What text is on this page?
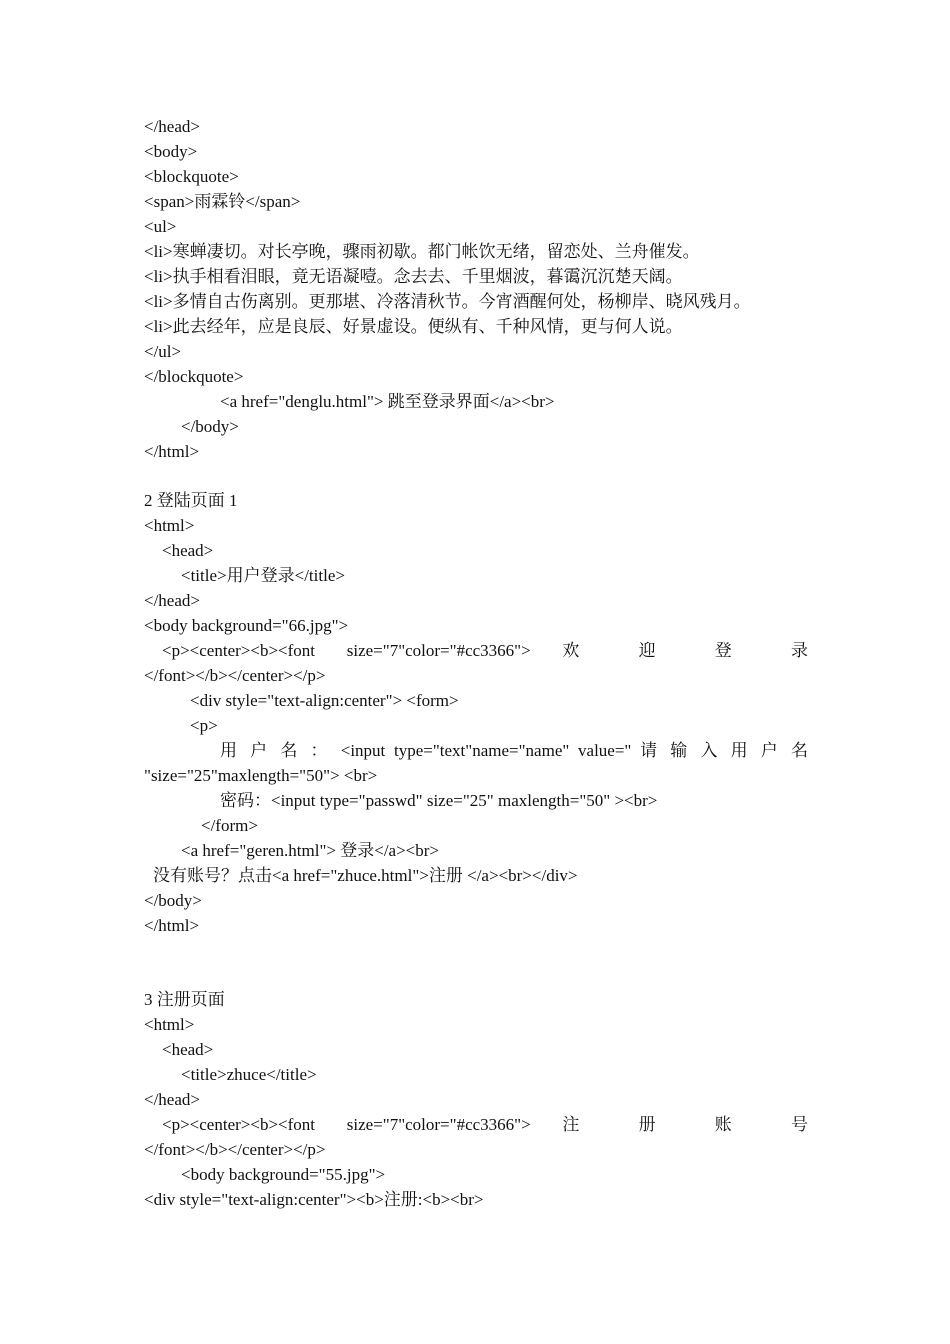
</head>
<body>
<blockquote>
<span>雨霖铃</span>
<ul>
<li>寒蝉凄切。对长亭晚，骤雨初歇。都门帐饮无绪，留恋处、兰舟催发。
<li>执手相看泪眼，竟无语凝噎。念去去、千里烟波，暮霭沉沉楚天阔。
<li>多情自古伤离别。更那堪、冷落清秋节。今宵酒醒何处，杨柳岸、晓风残月。
<li>此去经年，应是良辰、好景虚设。便纵有、千种风情，更与何人说。
</ul>
</blockquote>
<a href="denglu.html"> 跳至登录界面</a><br>
</body>
</html>
2 登陆页面 1
<html>
<head>
<title>用户登录</title>
</head>
<body background="66.jpg">
<p><center><b><font size="7"color="#cc3366"> 欢 迎 登 录
</font></b></center></p>
<div style="text-align:center"> <form>
<p>
用 户 名 ： <input type="text"name="name" value=" 请 输 入 用 户 名
"size="25"maxlength="50"> <br>
密码：<input type="passwd" size="25" maxlength="50" ><br>
</form>
<a href="geren.html"> 登录</a><br>
没有账号？点击<a href="zhuce.html">注册 </a><br></div>
</body>
</html>
3 注册页面
<html>
<head>
<title>zhuce</title>
</head>
<p><center><b><font size="7"color="#cc3366"> 注 册 账 号
</font></b></center></p>
<body background="55.jpg">
<div style="text-align:center"><b>注册:<b><br>
